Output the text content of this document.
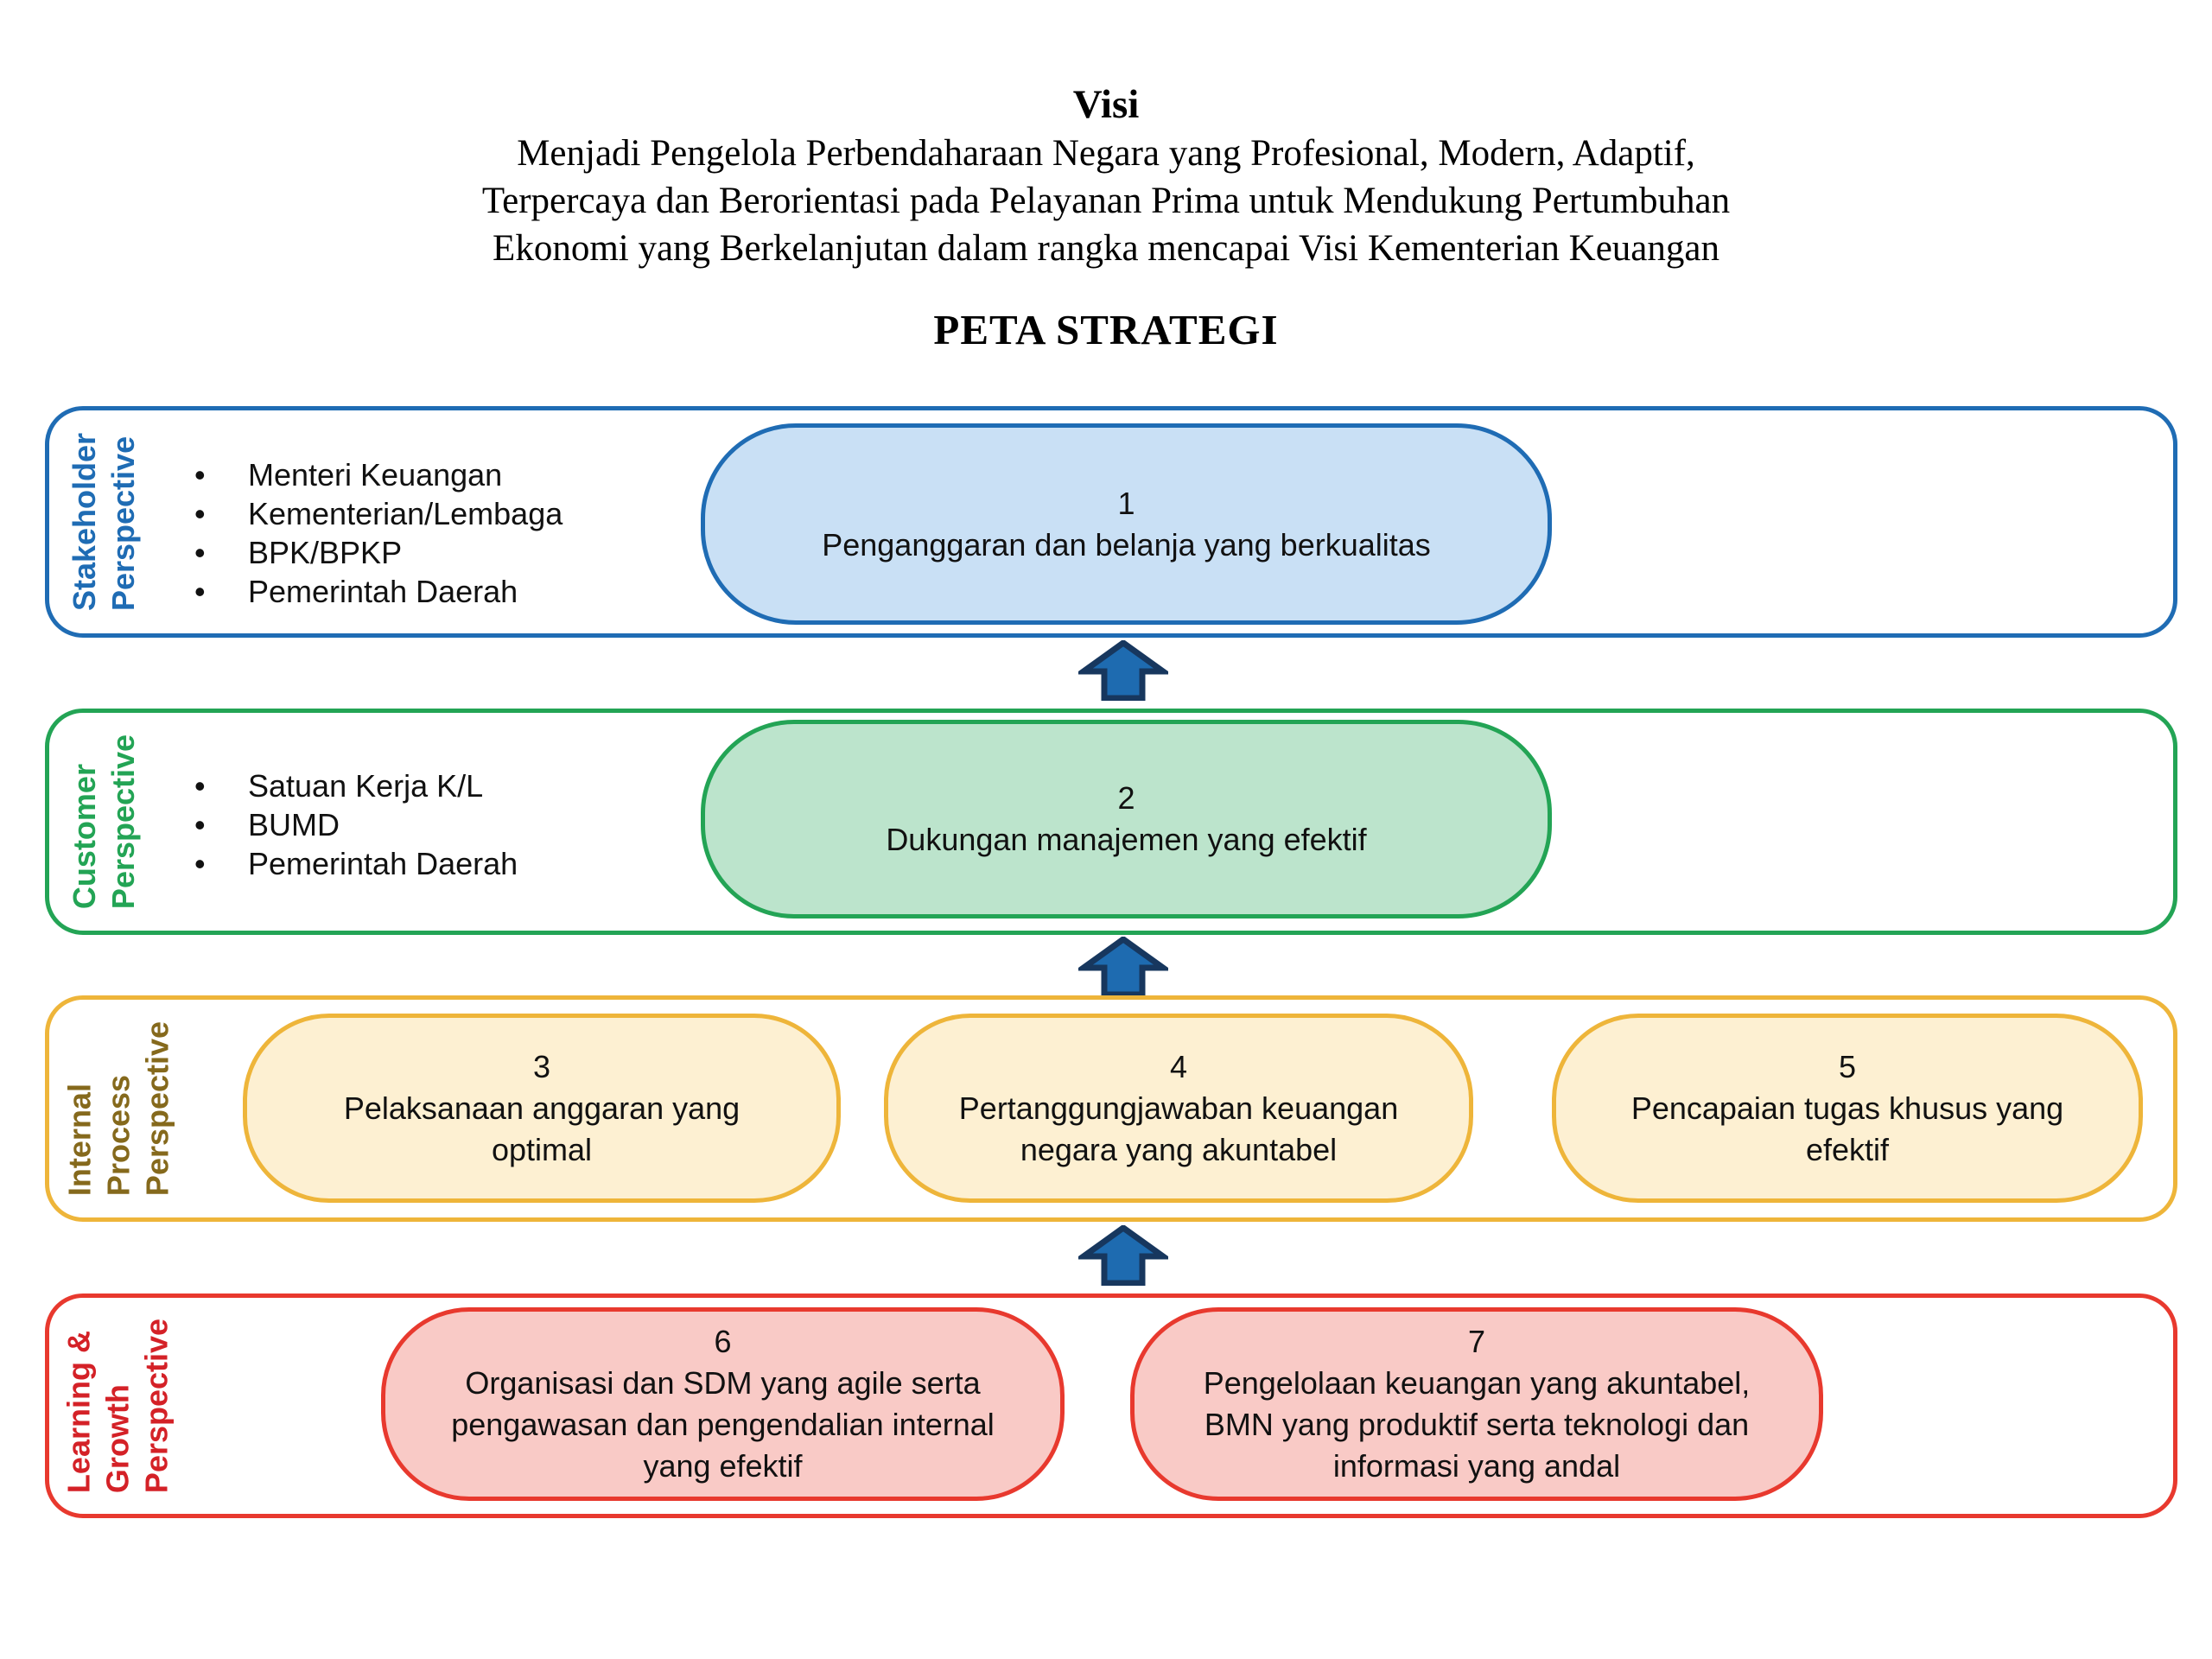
Visi
Menjadi Pengelola Perbendaharaan Negara yang Profesional, Modern, Adaptif,
Terpercaya dan Berorientasi pada Pelayanan Prima untuk Mendukung Pertumbuhan
Ekonomi yang Berkelanjutan dalam rangka mencapai Visi Kementerian Keuangan
PETA STRATEGI
Stakeholder Perspective •	Menteri Keuangan
•	Kementerian/Lembaga
•	BPK/BPKP
•	Pemerintah Daerah
1
Penganggaran dan belanja yang berkualitas
Customer Perspective •	Satuan Kerja K/L
•	BUMD
•	Pemerintah Daerah
2
Dukungan manajemen yang efektif
Internal Process Perspective	3
Pelaksanaan anggaran yang optimal
4
Pertanggungjawaban keuangan negara yang akuntabel
5
Pencapaian tugas khusus yang efektif
Learning & Growth Perspective	6
Organisasi dan SDM yang agile serta pengawasan dan pengendalian internal yang efektif
7
Pengelolaan keuangan yang akuntabel, BMN yang produktif serta teknologi dan informasi yang andal
